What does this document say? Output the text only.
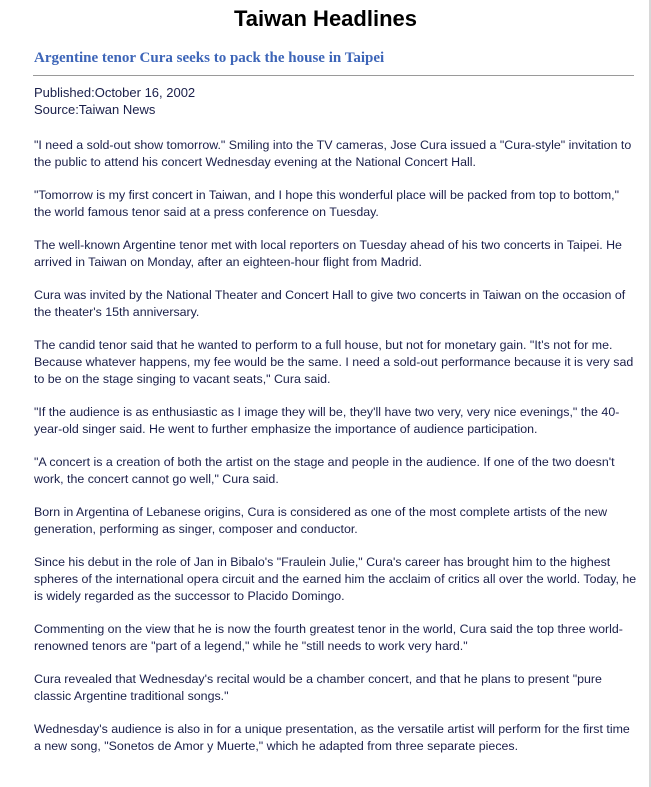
Taiwan Headlines
Argentine tenor Cura seeks to pack the house in Taipei
Published:October 16, 2002
Source:Taiwan News

"I need a sold-out show tomorrow." Smiling into the TV cameras, Jose Cura issued a "Cura-style" invitation to the public to attend his concert Wednesday evening at the National Concert Hall.

"Tomorrow is my first concert in Taiwan, and I hope this wonderful place will be packed from top to bottom," the world famous tenor said at a press conference on Tuesday.

The well-known Argentine tenor met with local reporters on Tuesday ahead of his two concerts in Taipei. He arrived in Taiwan on Monday, after an eighteen-hour flight from Madrid.

Cura was invited by the National Theater and Concert Hall to give two concerts in Taiwan on the occasion of the theater's 15th anniversary.

The candid tenor said that he wanted to perform to a full house, but not for monetary gain. "It's not for me. Because whatever happens, my fee would be the same. I need a sold-out performance because it is very sad to be on the stage singing to vacant seats," Cura said.

"If the audience is as enthusiastic as I image they will be, they'll have two very, very nice evenings," the 40-year-old singer said. He went to further emphasize the importance of audience participation.

"A concert is a creation of both the artist on the stage and people in the audience. If one of the two doesn't work, the concert cannot go well," Cura said.

Born in Argentina of Lebanese origins, Cura is considered as one of the most complete artists of the new generation, performing as singer, composer and conductor.

Since his debut in the role of Jan in Bibalo's "Fraulein Julie," Cura's career has brought him to the highest spheres of the international opera circuit and the earned him the acclaim of critics all over the world. Today, he is widely regarded as the successor to Placido Domingo.

Commenting on the view that he is now the fourth greatest tenor in the world, Cura said the top three world-renowned tenors are "part of a legend," while he "still needs to work very hard."

Cura revealed that Wednesday's recital would be a chamber concert, and that he plans to present "pure classic Argentine traditional songs."

Wednesday's audience is also in for a unique presentation, as the versatile artist will perform for the first time a new song, "Sonetos de Amor y Muerte," which he adapted from three separate pieces.
